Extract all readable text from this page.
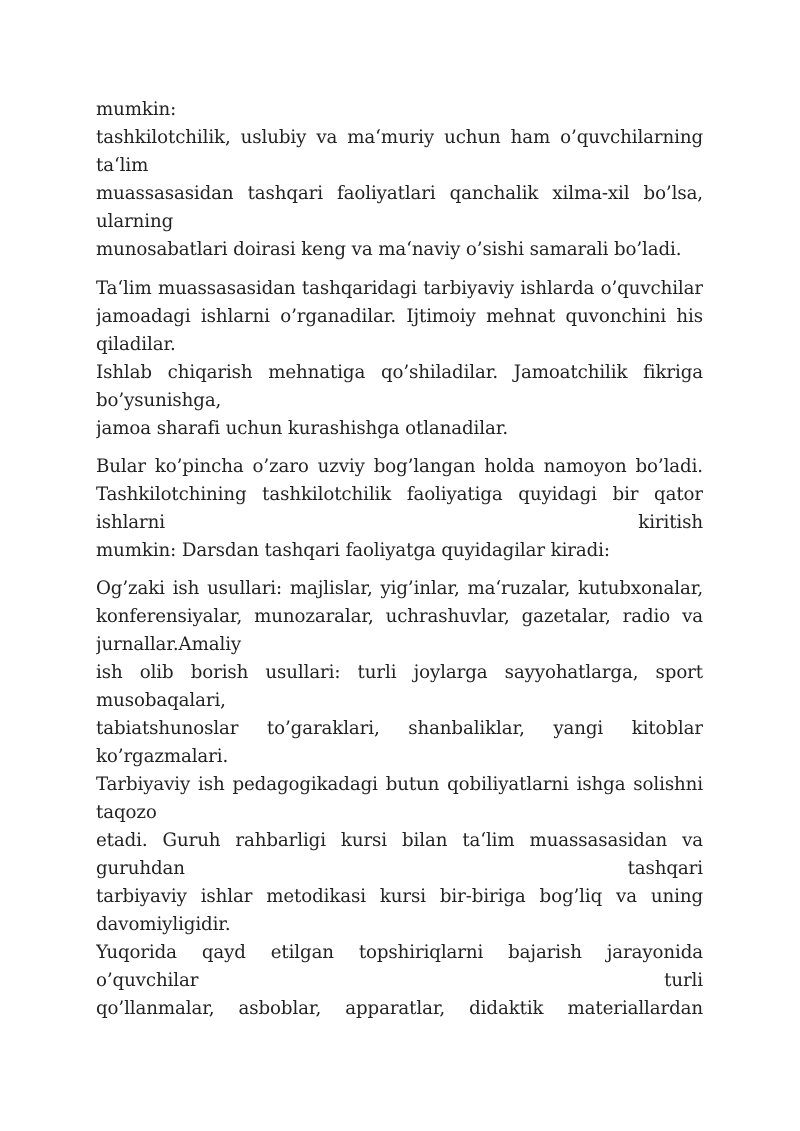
mumkin:
tashkilotchilik, uslubiy va ma‘muriy uchun ham o’quvchilarning
ta‘lim
muassasasidan tashqari faoliyatlari qanchalik xilma-xil bo’lsa,
ularning
munosabatlari doirasi keng va ma‘naviy o’sishi samarali bo’ladi.
Ta‘lim muassasasidan tashqaridagi tarbiyaviy ishlarda o’quvchilar
jamoadagi ishlarni o’rganadilar. Ijtimoiy mehnat quvonchini his
qiladilar.
Ishlab chiqarish mehnatiga qo’shiladilar. Jamoatchilik fikriga
bo’ysunishga,
jamoa sharafi uchun kurashishga otlanadilar.
Bular ko’pincha o’zaro uzviy bog’langan holda namoyon bo’ladi.
Tashkilotchining tashkilotchilik faoliyatiga quyidagi bir qator
ishlarni kiritish
mumkin: Darsdan tashqari faoliyatga quyidagilar kiradi:
Og’zaki ish usullari: majlislar, yig’inlar, ma‘ruzalar, kutubxonalar,
konferensiyalar, munozaralar, uchrashuvlar, gazetalar, radio va
jurnallar.Amaliy
ish olib borish usullari: turli joylarga sayyohatlarga, sport
musobaqalari,
tabiatshunoslar to’garaklari, shanbaliklar, yangi kitoblar
ko’rgazmalari.
Tarbiyaviy ish pedagogikadagi butun qobiliyatlarni ishga solishni
taqozo
etadi. Guruh rahbarligi kursi bilan ta‘lim muassasasidan va
guruhdan tashqari
tarbiyaviy ishlar metodikasi kursi bir-biriga bog’liq va uning
davomiyligidir.
Yuqorida qayd etilgan topshiriqlarni bajarish jarayonida
o’quvchilar turli
qo’llanmalar, asboblar, apparatlar, didaktik materiallardan
